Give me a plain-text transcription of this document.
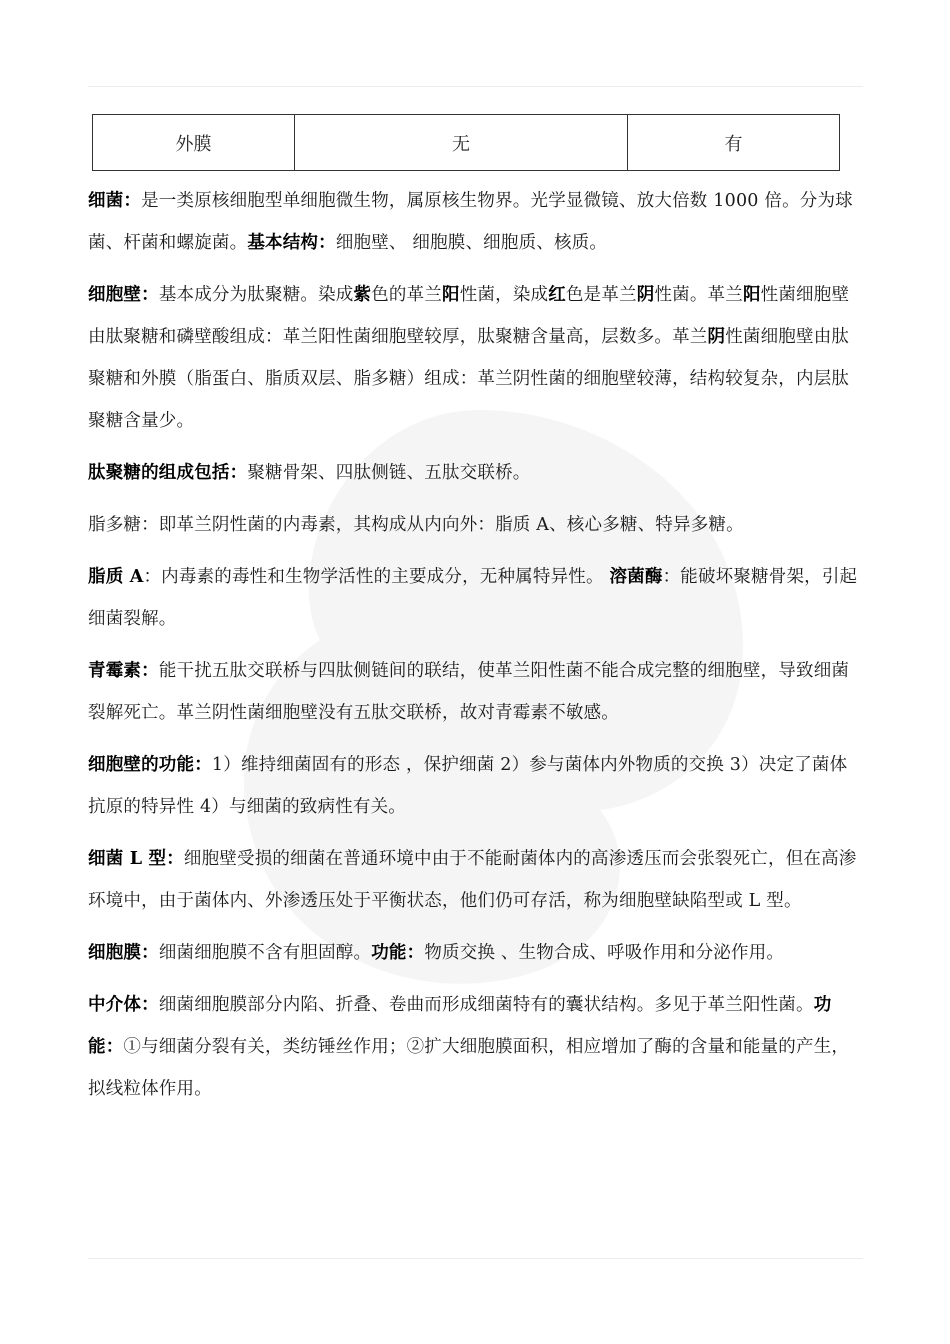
外膜	无	有

细菌：是一类原核细胞型单细胞微生物，属原核生物界。光学显微镜、放大倍数 1000 倍。分为球菌、杆菌和螺旋菌。基本结构：细胞壁、 细胞膜、细胞质、核质。

细胞壁：基本成分为肽聚糖。染成紫色的革兰阳性菌，染成红色是革兰阴性菌。革兰阳性菌细胞壁由肽聚糖和磷壁酸组成：革兰阳性菌细胞壁较厚，肽聚糖含量高，层数多。革兰阴性菌细胞壁由肽聚糖和外膜（脂蛋白、脂质双层、脂多糖）组成：革兰阴性菌的细胞壁较薄，结构较复杂，内层肽聚糖含量少。

肽聚糖的组成包括：聚糖骨架、四肽侧链、五肽交联桥。

脂多糖：即革兰阴性菌的内毒素，其构成从内向外：脂质 A、核心多糖、特异多糖。

脂质 A：内毒素的毒性和生物学活性的主要成分，无种属特异性。 溶菌酶：能破坏聚糖骨架，引起细菌裂解。

青霉素：能干扰五肽交联桥与四肽侧链间的联结，使革兰阳性菌不能合成完整的细胞壁，导致细菌裂解死亡。革兰阴性菌细胞壁没有五肽交联桥，故对青霉素不敏感。

细胞壁的功能：1）维持细菌固有的形态 ，保护细菌 2）参与菌体内外物质的交换 3）决定了菌体抗原的特异性 4）与细菌的致病性有关。

细菌 L 型：细胞壁受损的细菌在普通环境中由于不能耐菌体内的高渗透压而会张裂死亡，但在高渗环境中，由于菌体内、外渗透压处于平衡状态，他们仍可存活，称为细胞壁缺陷型或 L 型。

细胞膜：细菌细胞膜不含有胆固醇。功能：物质交换 、生物合成、呼吸作用和分泌作用。

中介体：细菌细胞膜部分内陷、折叠、卷曲而形成细菌特有的囊状结构。多见于革兰阳性菌。功能：①与细菌分裂有关，类纺锤丝作用；②扩大细胞膜面积，相应增加了酶的含量和能量的产生，拟线粒体作用。
